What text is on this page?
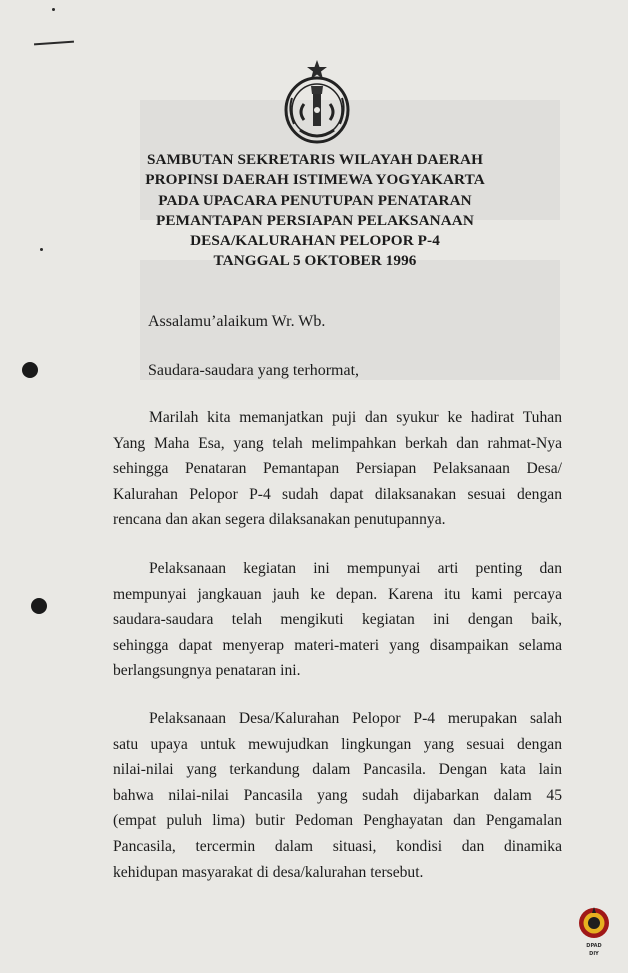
SAMBUTAN SEKRETARIS WILAYAH DAERAH
PROPINSI DAERAH ISTIMEWA YOGYAKARTA
PADA UPACARA PENUTUPAN PENATARAN
PEMANTAPAN PERSIAPAN PELAKSANAAN
DESA/KALURAHAN PELOPOR P-4
TANGGAL 5 OKTOBER 1996
Assalamu’alaikum Wr. Wb.
Saudara-saudara yang terhormat,
Marilah kita memanjatkan puji dan syukur ke hadirat Tuhan
Yang Maha Esa, yang telah melimpahkan berkah dan rahmat-Nya
sehingga Penataran Pemantapan Persiapan Pelaksanaan Desa/
Kalurahan Pelopor P-4 sudah dapat dilaksanakan sesuai dengan
rencana dan akan segera dilaksanakan penutupannya.
Pelaksanaan kegiatan ini mempunyai arti penting dan
mempunyai jangkauan jauh ke depan. Karena itu kami percaya
saudara-saudara telah mengikuti kegiatan ini dengan baik,
sehingga dapat menyerap materi-materi yang disampaikan selama
berlangsungnya penataran ini.
Pelaksanaan Desa/Kalurahan Pelopor P-4 merupakan salah
satu upaya untuk mewujudkan lingkungan yang sesuai dengan
nilai-nilai yang terkandung dalam Pancasila. Dengan kata lain
bahwa nilai-nilai Pancasila yang sudah dijabarkan dalam 45
(empat puluh lima) butir Pedoman Penghayatan dan Pengamalan
Pancasila, tercermin dalam situasi, kondisi dan dinamika
kehidupan masyarakat di desa/kalurahan tersebut.
DPAD
DIY
